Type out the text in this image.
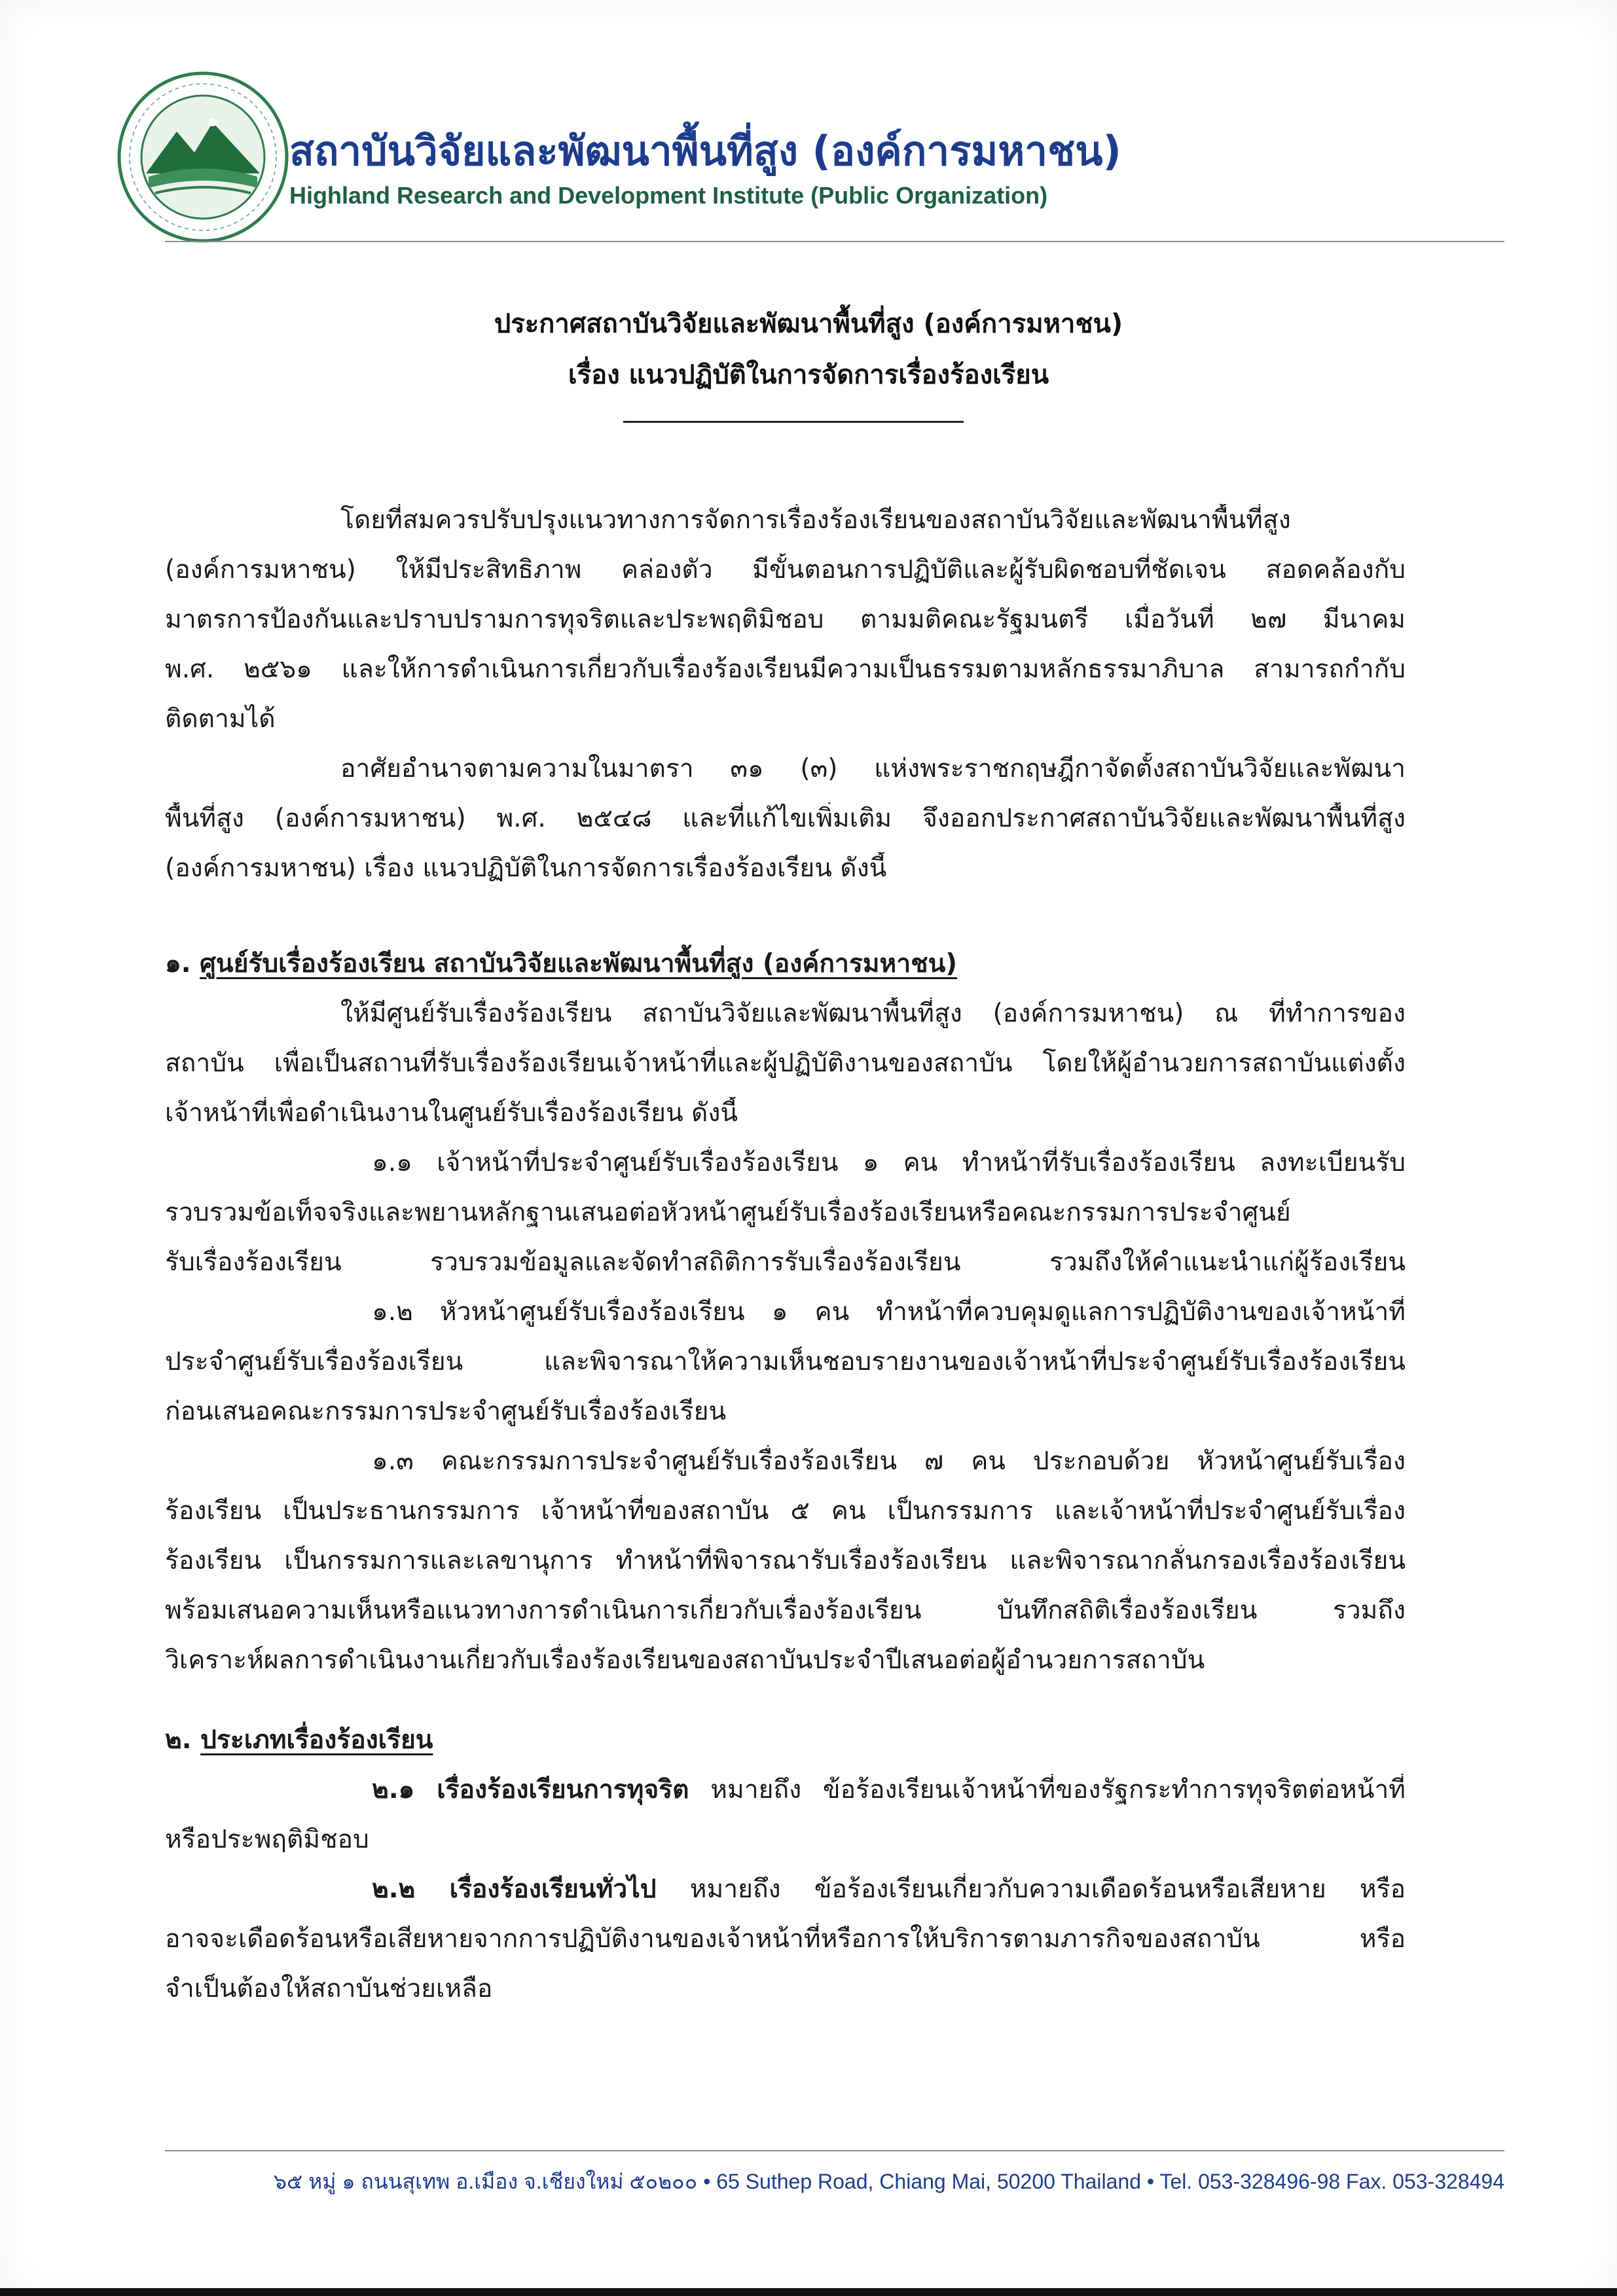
สถาบันวิจัยและพัฒนาพื้นที่สูง (องค์การมหาชน)
Highland Research and Development Institute (Public Organization)
ประกาศสถาบันวิจัยและพัฒนาพื้นที่สูง (องค์การมหาชน)
เรื่อง แนวปฏิบัติในการจัดการเรื่องร้องเรียน
โดยที่สมควรปรับปรุงแนวทางการจัดการเรื่องร้องเรียนของสถาบันวิจัยและพัฒนาพื้นที่สูง
(องค์การมหาชน) ให้มีประสิทธิภาพ คล่องตัว มีขั้นตอนการปฏิบัติและผู้รับผิดชอบที่ชัดเจน สอดคล้องกับ
มาตรการป้องกันและปราบปรามการทุจริตและประพฤติมิชอบ ตามมติคณะรัฐมนตรี เมื่อวันที่ ๒๗ มีนาคม
พ.ศ. ๒๕๖๑ และให้การดำเนินการเกี่ยวกับเรื่องร้องเรียนมีความเป็นธรรมตามหลักธรรมาภิบาล สามารถกำกับ
ติดตามได้
อาศัยอำนาจตามความในมาตรา ๓๑ (๓) แห่งพระราชกฤษฎีกาจัดตั้งสถาบันวิจัยและพัฒนา
พื้นที่สูง (องค์การมหาชน) พ.ศ. ๒๕๔๘ และที่แก้ไขเพิ่มเติม จึงออกประกาศสถาบันวิจัยและพัฒนาพื้นที่สูง
(องค์การมหาชน) เรื่อง แนวปฏิบัติในการจัดการเรื่องร้องเรียน ดังนี้
๑. ศูนย์รับเรื่องร้องเรียน สถาบันวิจัยและพัฒนาพื้นที่สูง (องค์การมหาชน)
ให้มีศูนย์รับเรื่องร้องเรียน สถาบันวิจัยและพัฒนาพื้นที่สูง (องค์การมหาชน) ณ ที่ทำการของ
สถาบัน เพื่อเป็นสถานที่รับเรื่องร้องเรียนเจ้าหน้าที่และผู้ปฏิบัติงานของสถาบัน โดยให้ผู้อำนวยการสถาบันแต่งตั้ง
เจ้าหน้าที่เพื่อดำเนินงานในศูนย์รับเรื่องร้องเรียน ดังนี้
๑.๑ เจ้าหน้าที่ประจำศูนย์รับเรื่องร้องเรียน ๑ คน ทำหน้าที่รับเรื่องร้องเรียน ลงทะเบียนรับ
รวบรวมข้อเท็จจริงและพยานหลักฐานเสนอต่อหัวหน้าศูนย์รับเรื่องร้องเรียนหรือคณะกรรมการประจำศูนย์
รับเรื่องร้องเรียน รวบรวมข้อมูลและจัดทำสถิติการรับเรื่องร้องเรียน รวมถึงให้คำแนะนำแก่ผู้ร้องเรียน
๑.๒ หัวหน้าศูนย์รับเรื่องร้องเรียน ๑ คน ทำหน้าที่ควบคุมดูแลการปฏิบัติงานของเจ้าหน้าที่
ประจำศูนย์รับเรื่องร้องเรียน และพิจารณาให้ความเห็นชอบรายงานของเจ้าหน้าที่ประจำศูนย์รับเรื่องร้องเรียน
ก่อนเสนอคณะกรรมการประจำศูนย์รับเรื่องร้องเรียน
๑.๓ คณะกรรมการประจำศูนย์รับเรื่องร้องเรียน ๗ คน ประกอบด้วย หัวหน้าศูนย์รับเรื่อง
ร้องเรียน เป็นประธานกรรมการ เจ้าหน้าที่ของสถาบัน ๕ คน เป็นกรรมการ และเจ้าหน้าที่ประจำศูนย์รับเรื่อง
ร้องเรียน เป็นกรรมการและเลขานุการ ทำหน้าที่พิจารณารับเรื่องร้องเรียน และพิจารณากลั่นกรองเรื่องร้องเรียน
พร้อมเสนอความเห็นหรือแนวทางการดำเนินการเกี่ยวกับเรื่องร้องเรียน บันทึกสถิติเรื่องร้องเรียน รวมถึง
วิเคราะห์ผลการดำเนินงานเกี่ยวกับเรื่องร้องเรียนของสถาบันประจำปีเสนอต่อผู้อำนวยการสถาบัน
๒. ประเภทเรื่องร้องเรียน
๒.๑ เรื่องร้องเรียนการทุจริต หมายถึง ข้อร้องเรียนเจ้าหน้าที่ของรัฐกระทำการทุจริตต่อหน้าที่
หรือประพฤติมิชอบ
๒.๒ เรื่องร้องเรียนทั่วไป หมายถึง ข้อร้องเรียนเกี่ยวกับความเดือดร้อนหรือเสียหาย หรือ
อาจจะเดือดร้อนหรือเสียหายจากการปฏิบัติงานของเจ้าหน้าที่หรือการให้บริการตามภารกิจของสถาบัน หรือ
จำเป็นต้องให้สถาบันช่วยเหลือ
๖๕ หมู่ ๑ ถนนสุเทพ อ.เมือง จ.เชียงใหม่ ๕๐๒๐๐ • 65 Suthep Road, Chiang Mai, 50200 Thailand • Tel. 053-328496-98 Fax. 053-328494
